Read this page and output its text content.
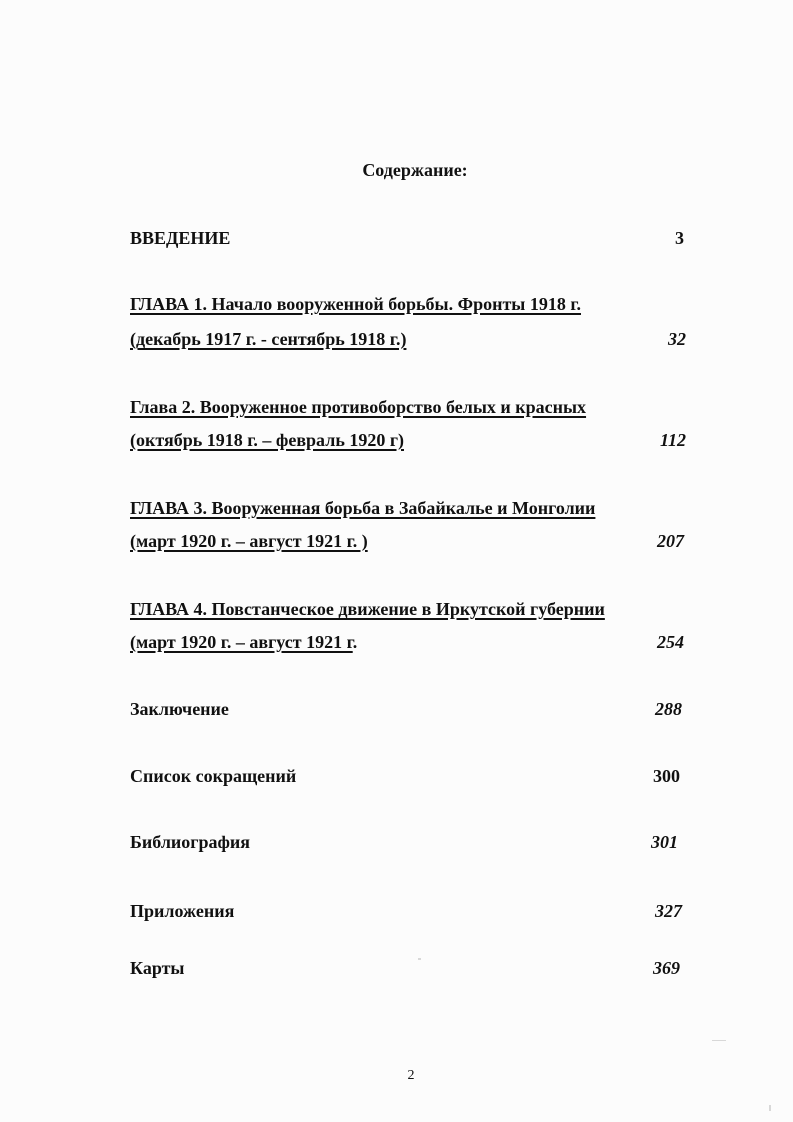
Содержание:
ВВЕДЕНИЕ	3
ГЛАВА 1. Начало вооруженной борьбы. Фронты 1918 г.
(декабрь 1917 г. - сентябрь 1918 г.)	32
Глава 2. Вооруженное противоборство белых и красных
(октябрь 1918 г. – февраль 1920 г)	112
ГЛАВА 3. Вооруженная борьба в Забайкалье и Монголии
(март 1920 г. – август 1921 г. )	207
ГЛАВА 4. Повстанческое движение в Иркутской губернии
(март 1920 г. – август 1921 г.	254
Заключение	288
Список сокращений	300
Библиография	301
Приложения	327
Карты	369
2
